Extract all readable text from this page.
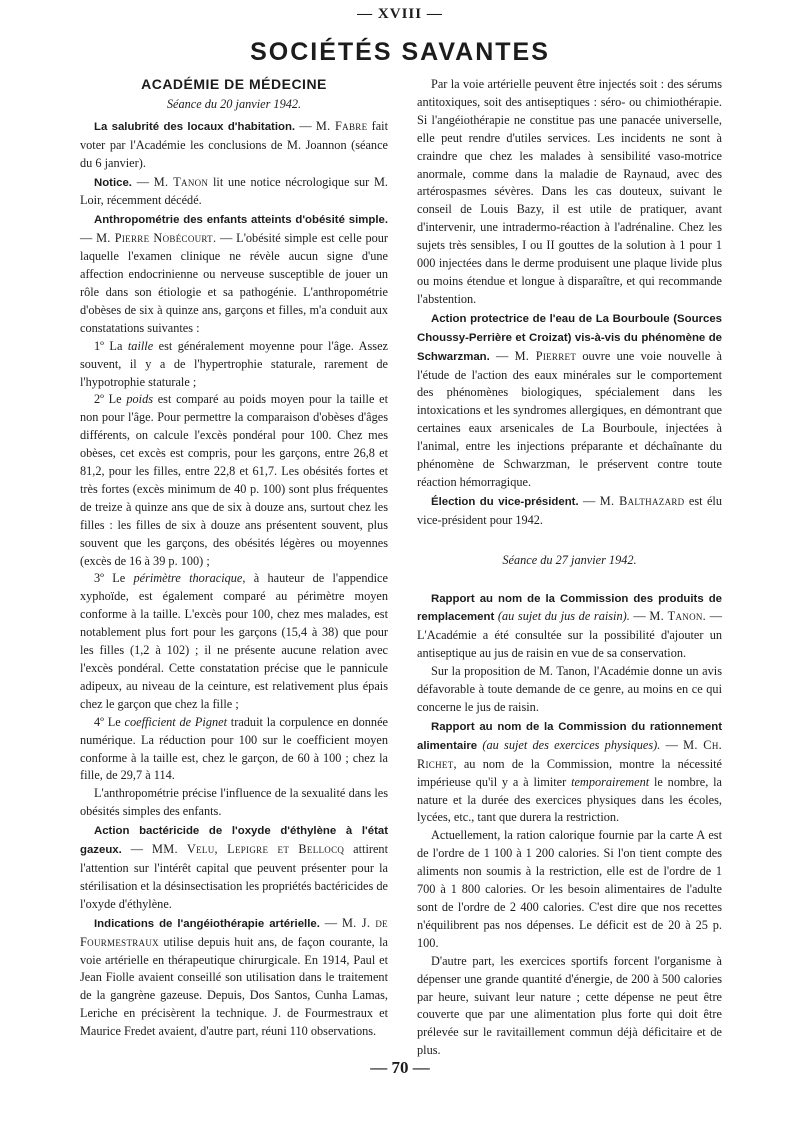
— XVIII —
SOCIÉTÉS SAVANTES
ACADÉMIE DE MÉDECINE
Séance du 20 janvier 1942.

La salubrité des locaux d'habitation. — M. Fabre fait voter par l'Académie les conclusions de M. Joannon (séance du 6 janvier).

Notice. — M. Tanon lit une notice nécrologique sur M. Loir, récemment décédé.

Anthropométrie des enfants atteints d'obésité simple. — M. Pierre Nobécourt. — L'obésité simple est celle pour laquelle l'examen clinique ne révèle aucun signe d'une affection endocrinienne ou nerveuse susceptible de jouer un rôle dans son étiologie et sa pathogénie. L'anthropométrie d'obèses de six à quinze ans, garçons et filles, m'a conduit aux constatations suivantes :

1º La taille est généralement moyenne pour l'âge. Assez souvent, il y a de l'hypertrophie staturale, rarement de l'hypotrophie staturale ;

2º Le poids est comparé au poids moyen pour la taille et non pour l'âge. Pour permettre la comparaison d'obèses d'âges différents, on calcule l'excès pondéral pour 100. Chez mes obèses, cet excès est compris, pour les garçons, entre 26,8 et 81,2, pour les filles, entre 22,8 et 61,7. Les obésités fortes et très fortes (excès minimum de 40 p. 100) sont plus fréquentes de treize à quinze ans que de six à douze ans, surtout chez les filles : les filles de six à douze ans présentent souvent, plus souvent que les garçons, des obésités légères ou moyennes (excès de 16 à 39 p. 100) ;

3º Le périmètre thoracique, à hauteur de l'appendice xyphoïde, est également comparé au périmètre moyen conforme à la taille. L'excès pour 100, chez mes malades, est notablement plus fort pour les garçons (15,4 à 38) que pour les filles (1,2 à 102) ; il ne présente aucune relation avec l'excès pondéral. Cette constatation précise que le pannicule adipeux, au niveau de la ceinture, est relativement plus épais chez le garçon que chez la fille ;

4º Le coefficient de Pignet traduit la corpulence en donnée numérique. La réduction pour 100 sur le coefficient moyen conforme à la taille est, chez le garçon, de 60 à 100 ; chez la fille, de 29,7 à 114.

L'anthropométrie précise l'influence de la sexualité dans les obésités simples des enfants.

Action bactéricide de l'oxyde d'éthylène à l'état gazeux. — MM. Velu, Lepigre et Bellocq attirent l'attention sur l'intérêt capital que peuvent présenter pour la stérilisation et la désinsectisation les propriétés bactéricides de l'oxyde d'éthylène.

Indications de l'angéiothérapie artérielle. — M. J. de Fourmestraux utilise depuis huit ans, de façon courante, la voie artérielle en thérapeutique chirurgicale. En 1914, Paul et Jean Fiolle avaient conseillé son utilisation dans le traitement de la gangrène gazeuse. Depuis, Dos Santos, Cunha Lamas, Leriche en précisèrent la technique. J. de Fourmestraux et Maurice Fredet avaient, d'autre part, réuni 110 observations.

Par la voie artérielle peuvent être injectés soit : des sérums antitoxiques, soit des antiseptiques : séro- ou chimiothérapie. Si l'angéiothérapie ne constitue pas une panacée universelle, elle peut rendre d'utiles services. Les incidents ne sont à craindre que chez les malades à sensibilité vaso-motrice anormale, comme dans la maladie de Raynaud, avec des artérospasmes sévères. Dans les cas douteux, suivant le conseil de Louis Bazy, il est utile de pratiquer, avant d'intervenir, une intradermo-réaction à l'adrénaline. Chez les sujets très sensibles, I ou II gouttes de la solution à 1 pour 1 000 injectées dans le derme produisent une plaque livide plus ou moins étendue et longue à disparaître, et qui recommande l'abstention.

Action protectrice de l'eau de La Bourboule (Sources Choussy-Perrière et Croizat) vis-à-vis du phénomène de Schwarzman. — M. Pierret ouvre une voie nouvelle à l'étude de l'action des eaux minérales sur le comportement des phénomènes biologiques, spécialement dans les intoxications et les syndromes allergiques, en démontrant que certaines eaux arsenicales de La Bourboule, injectées à l'animal, entre les injections préparante et déchaînante du phénomène de Schwarzman, le préservent contre toute réaction hémorragique.

Élection du vice-président. — M. Balthazard est élu vice-président pour 1942.

Séance du 27 janvier 1942.

Rapport au nom de la Commission des produits de remplacement (au sujet du jus de raisin). — M. Tanon. — L'Académie a été consultée sur la possibilité d'ajouter un antiseptique au jus de raisin en vue de sa conservation.

Sur la proposition de M. Tanon, l'Académie donne un avis défavorable à toute demande de ce genre, au moins en ce qui concerne le jus de raisin.

Rapport au nom de la Commission du rationnement alimentaire (au sujet des exercices physiques). — M. Ch. Richet, au nom de la Commission, montre la nécessité impérieuse qu'il y a à limiter temporairement le nombre, la nature et la durée des exercices physiques dans les écoles, lycées, etc., tant que durera la restriction.

Actuellement, la ration calorique fournie par la carte A est de l'ordre de 1 100 à 1 200 calories. Si l'on tient compte des aliments non soumis à la restriction, elle est de l'ordre de 1 700 à 1 800 calories. Or les besoin alimentaires de l'adulte sont de l'ordre de 2 400 calories. C'est dire que nos recettes n'équilibrent pas nos dépenses. Le déficit est de 20 à 25 p. 100.

D'autre part, les exercices sportifs forcent l'organisme à dépenser une grande quantité d'énergie, de 200 à 500 calories par heure, suivant leur nature ; cette dépense ne peut être couverte que par une alimentation plus forte qui doit être prélevée sur le ravitaillement commun déjà déficitaire et de plus.

— 70 —
